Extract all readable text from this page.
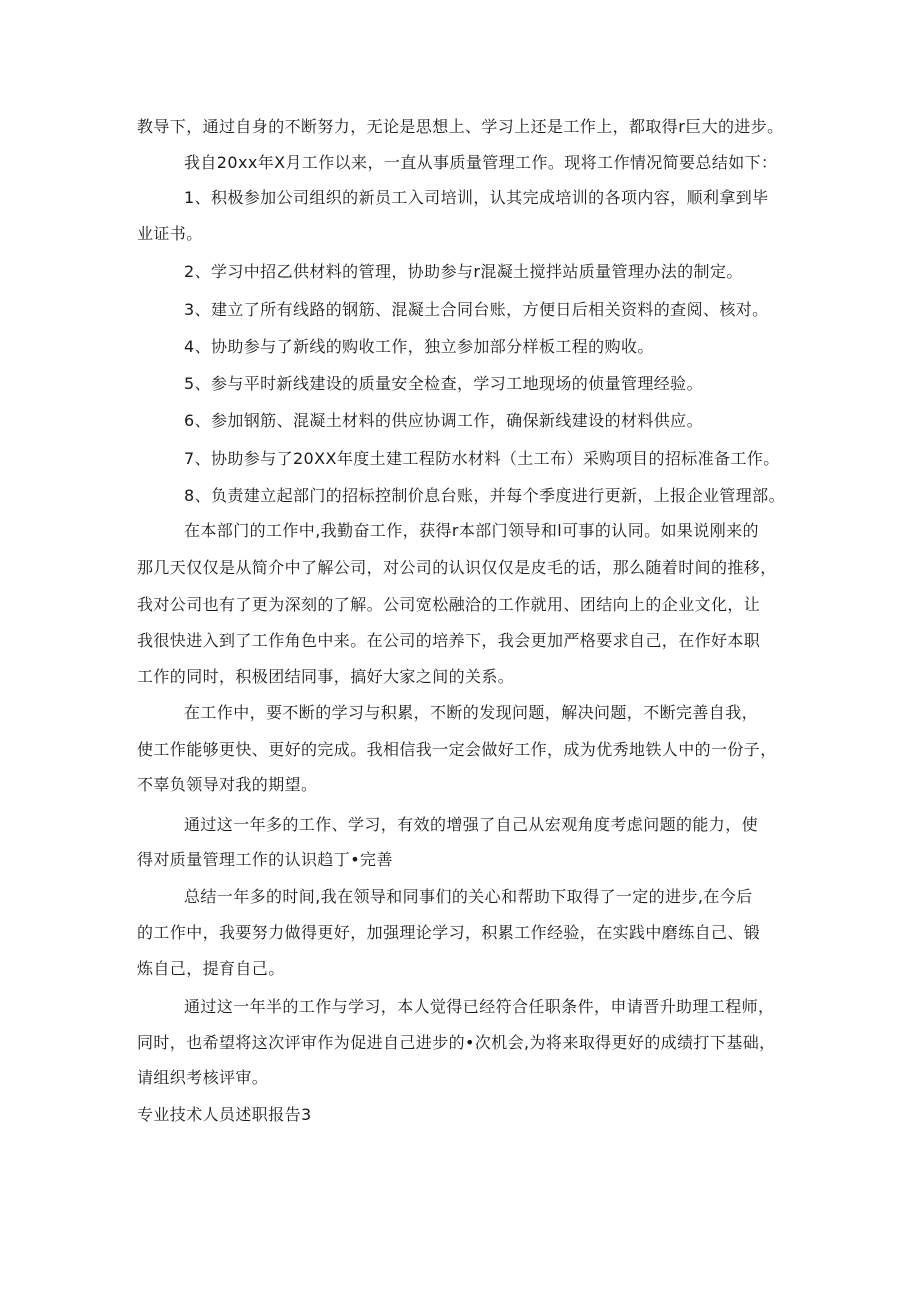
教导下，通过自身的不断努力，无论是思想上、学习上还是工作上，都取得r巨大的进步。
我自20xx年X月工作以来，一直从事质量管理工作。现将工作情况简要总结如下：
1、积极参加公司组织的新员工入司培训，认其完成培训的各项内容，顺利拿到毕
业证书。
2、学习中招乙供材料的管理，协助参与r混凝土搅拌站质量管理办法的制定。
3、建立了所有线路的钢筋、混凝土合同台账，方便日后相关资料的查阅、核对。
4、协助参与了新线的购收工作，独立参加部分样板工程的购收。
5、参与平时新线建设的质量安全检查，学习工地现场的侦量管理经验。
6、参加钢筋、混凝土材料的供应协调工作，确保新线建设的材料供应。
7、协助参与了20XX年度土建工程防水材料（土工布）采购项目的招标准备工作。
8、负责建立起部门的招标控制价息台账，并每个季度进行更新，上报企业管理部。
在本部门的工作中,我勤奋工作，获得r本部门领导和l可事的认同。如果说刚来的
那几天仅仅是从简介中了解公司，对公司的认识仅仅是皮毛的话，那么随着时间的推移，
我对公司也有了更为深刻的了解。公司宽松融洽的工作就用、团结向上的企业文化，让
我很快进入到了工作角色中来。在公司的培养下，我会更加严格要求自己，在作好本职
工作的同时，积极团结同事，搞好大家之间的关系。
在工作中，要不断的学习与积累，不断的发现问题，解决问题，不断完善自我，
使工作能够更快、更好的完成。我相信我一定会做好工作，成为优秀地铁人中的一份子，
不辜负领导对我的期望。
通过这一年多的工作、学习，有效的增强了自己从宏观角度考虑问题的能力，使
得对质量管理工作的认识趋丁•完善
总结一年多的时间,我在领导和同事们的关心和帮助下取得了一定的进步,在今后
的工作中，我要努力做得更好，加强理论学习，积累工作经验，在实践中磨练自己、锻
炼自己，提育自己。
通过这一年半的工作与学习，本人觉得已经符合任职条件，申请晋升助理工程师，
同时，也希望将这次评审作为促进自己进步的•次机会,为将来取得更好的成绩打下基础，
请组织考核评审。
专业技术人员述职报告3
